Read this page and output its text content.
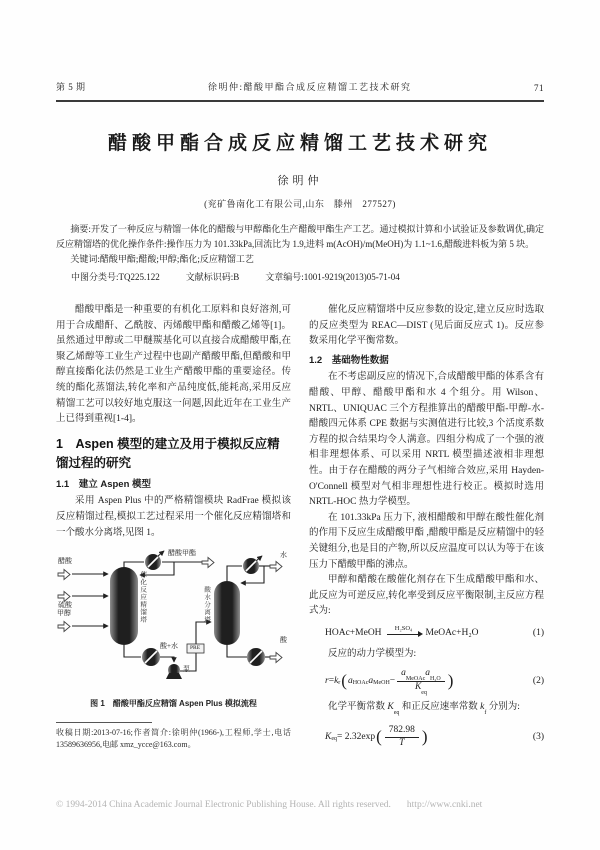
第 5 期	徐明仲:醋酸甲酯合成反应精馏工艺技术研究	71
醋酸甲酯合成反应精馏工艺技术研究
徐明仲
(兖矿鲁南化工有限公司,山东　滕州　277527)

摘要:开发了一种反应与精馏一体化的醋酸与甲醇酯化生产醋酸甲酯生产工艺。通过模拟计算和小试验证及参数调优,确定反应精馏塔的优化操作条件:操作压力为 101.33kPa,回流比为 1.9,进料 m(AcOH)/m(MeOH)为 1.1~1.6,醋酸进料板为第 5 块。

关键词:醋酸甲酯;醋酸;甲醇;酯化;反应精馏工艺

中图分类号:TQ225.122	文献标识码:B	文章编号:1001-9219(2013)05-71-04

醋酸甲酯是一种重要的有机化工原料和良好溶剂,可用于合成醋酐、乙酰胺、丙烯酸甲酯和醋酸乙烯等[1]。虽然通过甲醇或二甲醚羰基化可以直接合成醋酸甲酯,在聚乙烯醇等工业生产过程中也副产醋酸甲酯,但醋酸和甲醇直接酯化法仍然是工业生产醋酸甲酯的重要途径。传统的酯化蒸馏法,转化率和产品纯度低,能耗高,采用反应精馏工艺可以较好地克服这一问题,因此近年在工业生产上已得到重视[1-4]。

1　Aspen 模型的建立及用于模拟反应精馏过程的研究
1.1　建立 Aspen 模型

采用 Aspen Plus 中的严格精馏模块 RadFrae 模拟该反应精馏过程,模拟工艺过程采用一个催化反应精馏塔和一个酸水分离塔,见图 1。

醋酸
硫酸
甲醇	催化反应精馏塔
醋酸甲酯
酸水分离塔
水
酸
酸+水
泵
PRE
图 1　醋酸甲酯反应精馏 Aspen Plus 模拟流程
收稿日期:2013-07-16;作者简介:徐明仲(1966-),工程师,学士,电话 13589636956,电邮 xmz_ycce@163.com。

催化反应精馏塔中反应参数的设定,建立反应时选取的反应类型为 REAC—DIST (见后面反应式 1)。反应参数采用化学平衡常数。

1.2　基础物性数据

在不考虑副反应的情况下,合成醋酸甲酯的体系含有醋酸、甲醇、醋酸甲酯和水 4 个组分。用 Wilson、NRTL、UNIQUAC 三个方程推算出的醋酸甲酯-甲醇-水-醋酸四元体系 CPE 数据与实测值进行比较,3 个活度系数方程的拟合结果均令人满意。四组分构成了一个强的液相非理想体系、可以采用 NRTL 模型描述液相非理想性。由于存在醋酸的两分子气相缔合效应,采用 Hayden-O'Connell 模型对气相非理想性进行校正。模拟时选用 NRTL-HOC 热力学模型。

在 101.33kPa 压力下, 液相醋酸和甲醇在酸性催化剂的作用下反应生成醋酸甲酯 ,醋酸甲酯是反应精馏中的轻关键组分,也是目的产物,所以反应温度可以认为等于在该压力下醋酸甲酯的沸点。

甲醇和醋酸在酸催化剂存在下生成醋酸甲酯和水、此反应为可逆反应,转化率受到反应平衡限制,主反应方程式为:

HOAc+MeOH H₂SO₄ MeOAc+H₂O	(1)

反应的动力学模型为:

$r = k_r$ ( $a_{HOAc}$ $a_{MeOH} - \frac{a_{MeOAc}a_{H_2O}}{K_{eq}}$ )	(2)

化学平衡常数 $K_{eq}$ 和正反应速率常数 $k_f$ 分别为:

$K_{eq} = 2.32\exp$ ( $\frac{782.98}{T}$ )	(3)
© 1994-2014 China Academic Journal Electronic Publishing House. All rights reserved. http://www.cnki.net
